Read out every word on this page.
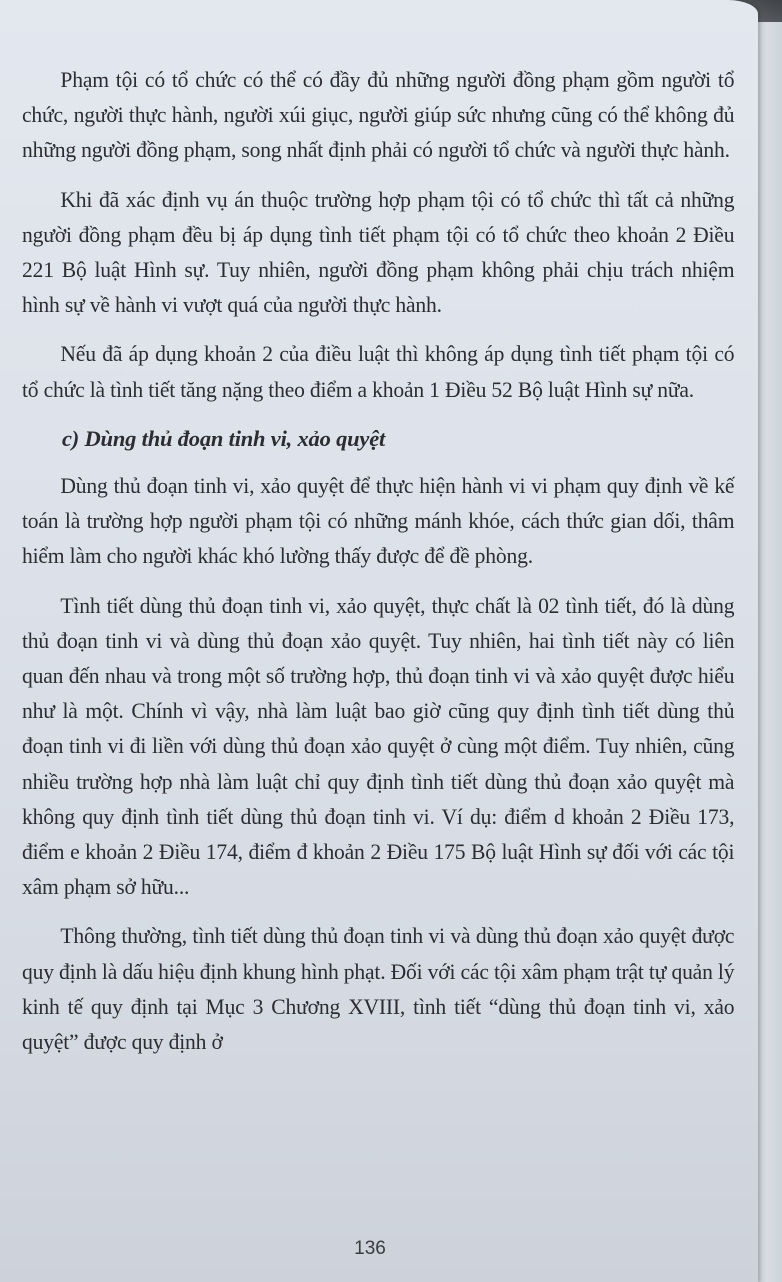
Phạm tội có tổ chức có thể có đầy đủ những người đồng phạm gồm người tổ chức, người thực hành, người xúi giục, người giúp sức nhưng cũng có thể không đủ những người đồng phạm, song nhất định phải có người tổ chức và người thực hành.

Khi đã xác định vụ án thuộc trường hợp phạm tội có tổ chức thì tất cả những người đồng phạm đều bị áp dụng tình tiết phạm tội có tổ chức theo khoản 2 Điều 221 Bộ luật Hình sự. Tuy nhiên, người đồng phạm không phải chịu trách nhiệm hình sự về hành vi vượt quá của người thực hành.

Nếu đã áp dụng khoản 2 của điều luật thì không áp dụng tình tiết phạm tội có tổ chức là tình tiết tăng nặng theo điểm a khoản 1 Điều 52 Bộ luật Hình sự nữa.

c) Dùng thủ đoạn tinh vi, xảo quyệt

Dùng thủ đoạn tinh vi, xảo quyệt để thực hiện hành vi vi phạm quy định về kế toán là trường hợp người phạm tội có những mánh khóe, cách thức gian dối, thâm hiểm làm cho người khác khó lường thấy được để đề phòng.

Tình tiết dùng thủ đoạn tinh vi, xảo quyệt, thực chất là 02 tình tiết, đó là dùng thủ đoạn tinh vi và dùng thủ đoạn xảo quyệt. Tuy nhiên, hai tình tiết này có liên quan đến nhau và trong một số trường hợp, thủ đoạn tinh vi và xảo quyệt được hiểu như là một. Chính vì vậy, nhà làm luật bao giờ cũng quy định tình tiết dùng thủ đoạn tinh vi đi liền với dùng thủ đoạn xảo quyệt ở cùng một điểm. Tuy nhiên, cũng nhiều trường hợp nhà làm luật chỉ quy định tình tiết dùng thủ đoạn xảo quyệt mà không quy định tình tiết dùng thủ đoạn tinh vi. Ví dụ: điểm d khoản 2 Điều 173, điểm e khoản 2 Điều 174, điểm đ khoản 2 Điều 175 Bộ luật Hình sự đối với các tội xâm phạm sở hữu...

Thông thường, tình tiết dùng thủ đoạn tinh vi và dùng thủ đoạn xảo quyệt được quy định là dấu hiệu định khung hình phạt. Đối với các tội xâm phạm trật tự quản lý kinh tế quy định tại Mục 3 Chương XVIII, tình tiết “dùng thủ đoạn tinh vi, xảo quyệt” được quy định ở

136
